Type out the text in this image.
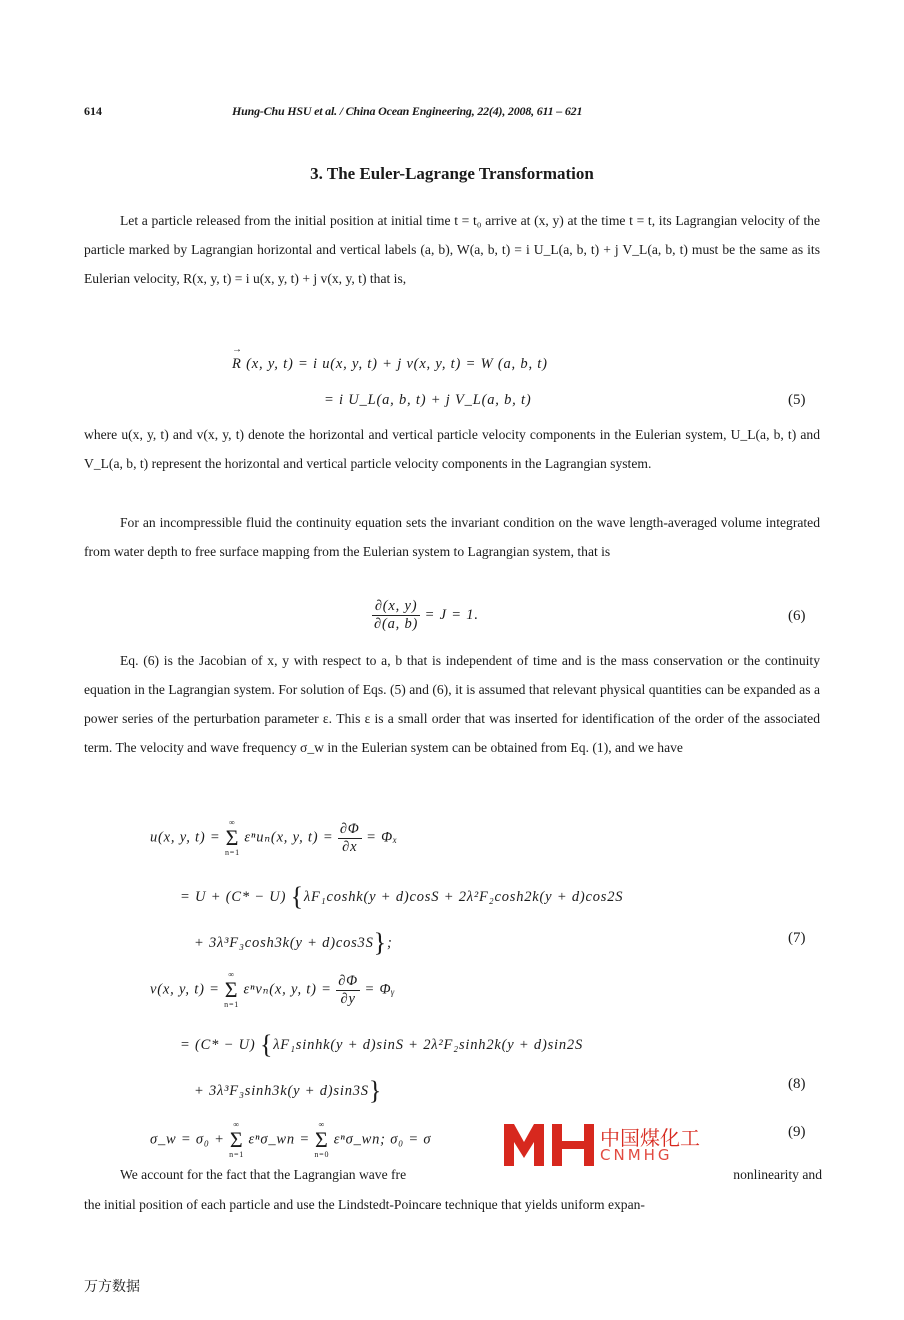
614	Hung-Chu HSU et al. / China Ocean Engineering, 22(4), 2008, 611 – 621
3. The Euler-Lagrange Transformation
Let a particle released from the initial position at initial time t = t₀ arrive at (x, y) at the time t = t, its Lagrangian velocity of the particle marked by Lagrangian horizontal and vertical labels (a, b), W(a, b, t) = i U_L(a, b, t) + j V_L(a, b, t) must be the same as its Eulerian velocity, R(x, y, t) = i u(x, y, t) + j v(x, y, t) that is,
→ R (x, y, t) = i u(x, y, t) + j v(x, y, t) = W (a, b, t)
= i U_L(a, b, t) + j V_L(a, b, t)	(5)
where u(x, y, t) and v(x, y, t) denote the horizontal and vertical particle velocity components in the Eulerian system, U_L(a, b, t) and V_L(a, b, t) represent the horizontal and vertical particle velocity components in the Lagrangian system.
For an incompressible fluid the continuity equation sets the invariant condition on the wave length-averaged volume integrated from water depth to free surface mapping from the Eulerian system to Lagrangian system, that is
$\frac{\partial(x, y)}{\partial(a, b)} = J = 1$.	(6)
Eq. (6) is the Jacobian of x, y with respect to a, b that is independent of time and is the mass conservation or the continuity equation in the Lagrangian system. For solution of Eqs. (5) and (6), it is assumed that relevant physical quantities can be expanded as a power series of the perturbation parameter ε. This ε is a small order that was inserted for identification of the order of the associated term. The velocity and wave frequency σ_w in the Eulerian system can be obtained from Eq. (1), and we have
u(x, y, t) =
∞
Σ
n=1
εⁿuₙ(x, y, $t) = \frac{\partial\Phi}{\partial x} = \Phi_x$
= U + (C* − U) {λF₁coshk(y + d)cosS + 2λ²F₂cosh2k(y + d)cos2S
+ 3λ³F₃cosh3k(y + d)cos3S};	(7)
v(x, y, t) =
∞
Σ
n=1
εⁿvₙ(x, y, $t) = \frac{\partial\Phi}{\partial y}$ = Φᵧ
= (C* − U) {λF₁sinhk(y + d)sinS + 2λ²F₂sinh2k(y + d)sin2S
+ 3λ³F₃sinh3k(y + d)sin3S}	(8)
σ_w = σ₀ +
∞
Σ
n=1
εⁿσ_wn =
∞
Σ
n=0
εⁿσ_wn; σ₀ = σ	(9)
We account for the fact that the Lagrangian wave fre	nonlinearity and
the initial position of each particle and use the Lindstedt-Poincare technique that yields uniform expan-
中国煤化工
CNMHG
万方数据
